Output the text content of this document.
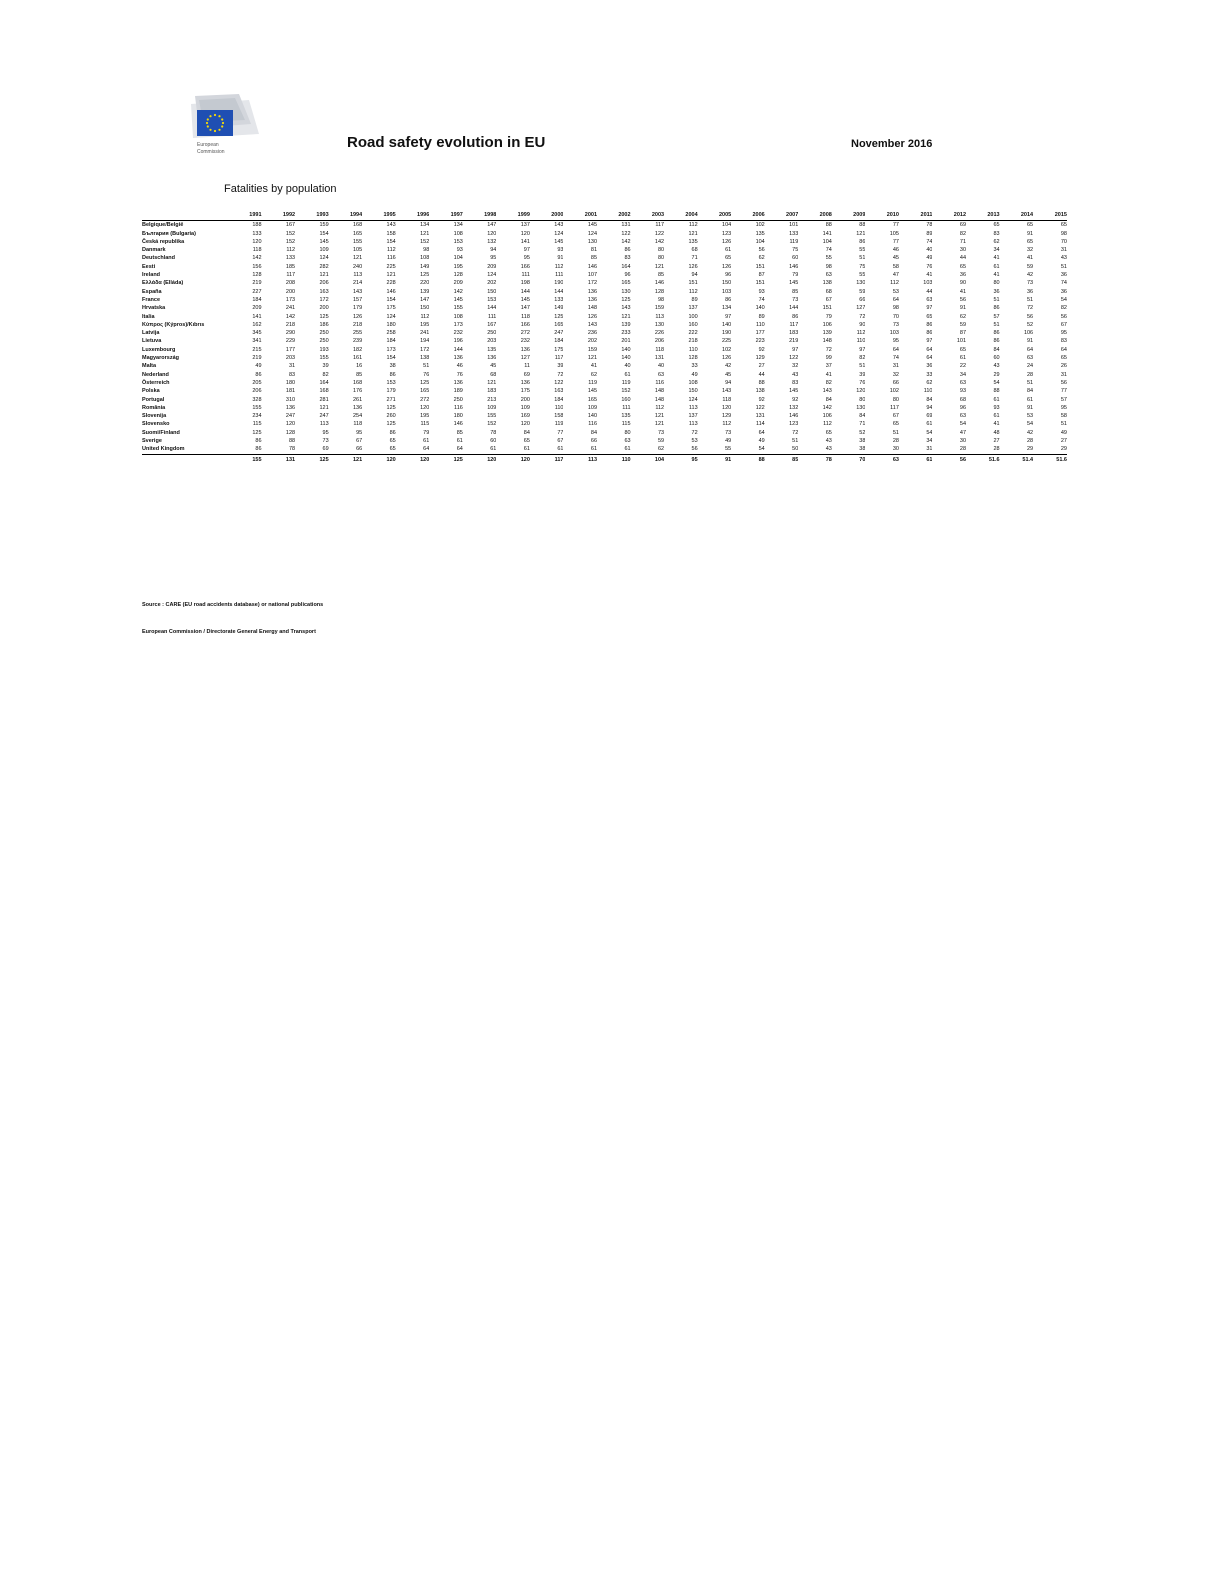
European
Commission
Road safety evolution in EU	November 2016
Fatalities by population
	1991	1992	1993	1994	1995	1996	1997	1998	1999	2000	2001	2002	2003	2004	2005	2006	2007	2008	2009	2010	2011	2012	2013	2014	2015
Belgique/België	188	167	159	168	143	134	134	147	137	143	145	131	117	112	104	102	101	88	88	77	78	69	65	65	65
България (Bulgaria)	133	152	154	165	158	121	108	120	120	124	124	122	122	121	123	135	133	141	121	105	89	82	83	91	98
Česká republika	120	152	145	155	154	152	153	132	141	145	130	142	142	135	126	104	119	104	86	77	74	71	62	65	70
Danmark	118	112	109	105	112	98	93	94	97	93	81	86	80	68	61	56	75	74	55	46	40	30	34	32	31
Deutschland	142	133	124	121	116	108	104	95	95	91	85	83	80	71	65	62	60	55	51	45	49	44	41	41	43
Eesti	156	185	282	240	225	149	195	209	166	112	146	164	121	126	126	151	146	98	75	58	76	65	61	59	51
Ireland	128	117	121	113	121	125	128	124	111	111	107	96	85	94	96	87	79	63	55	47	41	36	41	42	36
Ελλάδα (Elláda)	219	208	206	214	228	220	209	202	198	190	172	165	146	151	150	151	145	138	130	112	103	90	80	73	74
España	227	200	163	143	146	139	142	150	144	144	136	130	128	112	103	93	85	68	59	53	44	41	36	36	36
France	184	173	172	157	154	147	145	153	145	133	136	125	98	89	86	74	73	67	66	64	63	56	51	51	54
Hrvatska	209	241	200	179	175	150	155	144	147	149	148	143	159	137	134	140	144	151	127	98	97	91	86	72	82
Italia	141	142	125	126	124	112	108	111	118	125	126	121	113	100	97	89	86	79	72	70	65	62	57	56	56
Κύπρος (Kýpros)/Kıbrıs	162	218	186	218	180	195	173	167	166	165	143	139	130	160	140	110	117	106	90	73	86	59	51	52	67
Latvija	345	290	250	255	258	241	232	250	272	247	236	233	226	222	190	177	183	139	112	103	86	87	86	106	95
Lietuva	341	229	250	239	184	194	196	203	232	184	202	201	206	218	225	223	219	148	110	95	97	101	86	91	83
Luxembourg	215	177	193	182	173	172	144	135	136	175	159	140	118	110	102	92	97	72	97	64	64	65	84	64	64
Magyarország	219	203	155	161	154	138	136	136	127	117	121	140	131	128	126	129	122	99	82	74	64	61	60	63	65
Malta	49	31	39	16	38	51	46	45	11	39	41	40	40	33	42	27	32	37	51	31	36	22	43	24	26
Nederland	86	83	82	85	86	76	76	68	69	72	62	61	63	49	45	44	43	41	39	32	33	34	29	28	31
Österreich	205	180	164	168	153	125	136	121	136	122	119	119	116	108	94	88	83	82	76	66	62	63	54	51	56
Polska	206	181	168	176	179	165	189	183	175	163	145	152	148	150	143	138	145	143	120	102	110	93	88	84	77
Portugal	328	310	281	261	271	272	250	213	200	184	165	160	148	124	118	92	92	84	80	80	84	68	61	61	57
România	155	136	121	136	125	120	116	109	109	110	109	111	112	113	120	122	132	142	130	117	94	96	93	91	95
Slovenija	234	247	247	254	260	195	180	155	169	158	140	135	121	137	129	131	146	106	84	67	69	63	61	53	58
Slovensko	115	120	113	118	125	115	146	152	120	119	116	115	121	113	112	114	123	112	71	65	61	54	41	54	51
Suomi/Finland	125	128	95	95	86	79	85	78	84	77	84	80	73	72	73	64	72	65	52	51	54	47	48	42	49
Sverige	86	88	73	67	65	61	61	60	65	67	66	63	59	53	49	49	51	43	38	28	34	30	27	28	27
United Kingdom	86	78	69	66	65	64	64	61	61	61	61	61	62	56	55	54	50	43	38	30	31	28	28	29	29
	155	131	125	121	120	120	125	120	120	117	113	110	104	95	91	88	85	78	70	63	61	56	51.6	51.4	51.6
Source : CARE (EU road accidents database) or national publications
European Commission / Directorate General Energy and Transport
